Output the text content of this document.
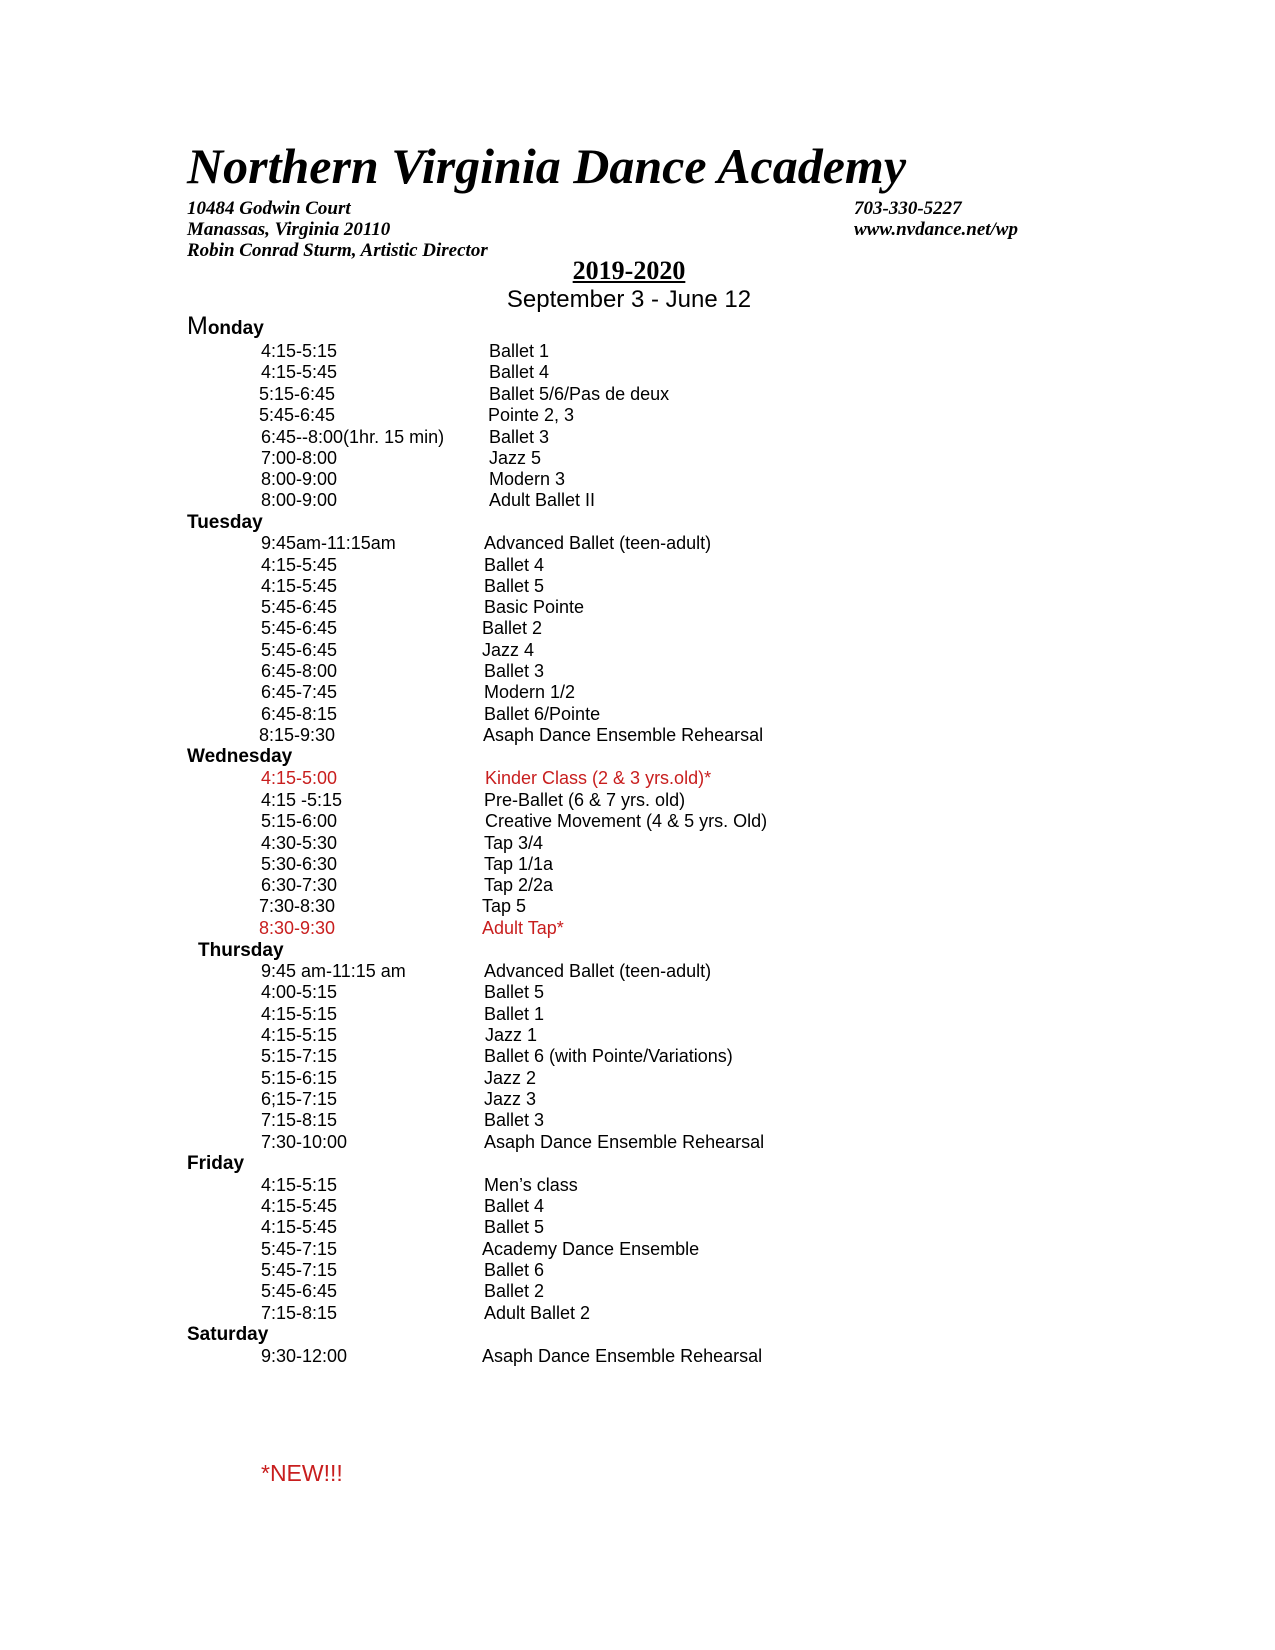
Northern Virginia Dance Academy
10484 Godwin Court
Manassas, Virginia 20110
Robin Conrad Sturm, Artistic Director
703-330-5227
www.nvdance.net/wp
2019-2020
September 3 - June 12
Monday
4:15-5:15	Ballet 1
4:15-5:45	Ballet 4
5:15-6:45	Ballet 5/6/Pas de deux
5:45-6:45	Pointe 2, 3
6:45--8:00(1hr. 15 min) Ballet 3
7:00-8:00	Jazz 5
8:00-9:00	Modern 3
8:00-9:00	Adult Ballet II
Tuesday
9:45am-11:15am	Advanced Ballet (teen-adult)
4:15-5:45	Ballet 4
4:15-5:45	Ballet 5
5:45-6:45	Basic Pointe
5:45-6:45	Ballet 2
5:45-6:45	Jazz 4
6:45-8:00	Ballet 3
6:45-7:45	Modern 1/2
6:45-8:15	Ballet 6/Pointe
8:15-9:30	Asaph Dance Ensemble Rehearsal
Wednesday
4:15-5:00	Kinder Class (2 & 3 yrs.old)*
4:15 -5:15	Pre-Ballet (6 & 7 yrs. old)
5:15-6:00	Creative Movement (4 & 5 yrs. Old)
4:30-5:30	Tap 3/4
5:30-6:30	Tap 1/1a
6:30-7:30	Tap 2/2a
7:30-8:30	Tap 5
8:30-9:30	Adult Tap*
Thursday
9:45 am-11:15 am	Advanced Ballet (teen-adult)
4:00-5:15	Ballet 5
4:15-5:15	Ballet 1
4:15-5:15	Jazz 1
5:15-7:15	Ballet 6 (with Pointe/Variations)
5:15-6:15	Jazz 2
6;15-7:15	Jazz 3
7:15-8:15	Ballet 3
7:30-10:00	Asaph Dance Ensemble Rehearsal
Friday
4:15-5:15	Men’s class
4:15-5:45	Ballet 4
4:15-5:45	Ballet 5
5:45-7:15	Academy Dance Ensemble
5:45-7:15	Ballet 6
5:45-6:45	Ballet 2
7:15-8:15	Adult Ballet 2
Saturday
9:30-12:00	Asaph Dance Ensemble Rehearsal
*NEW!!!
